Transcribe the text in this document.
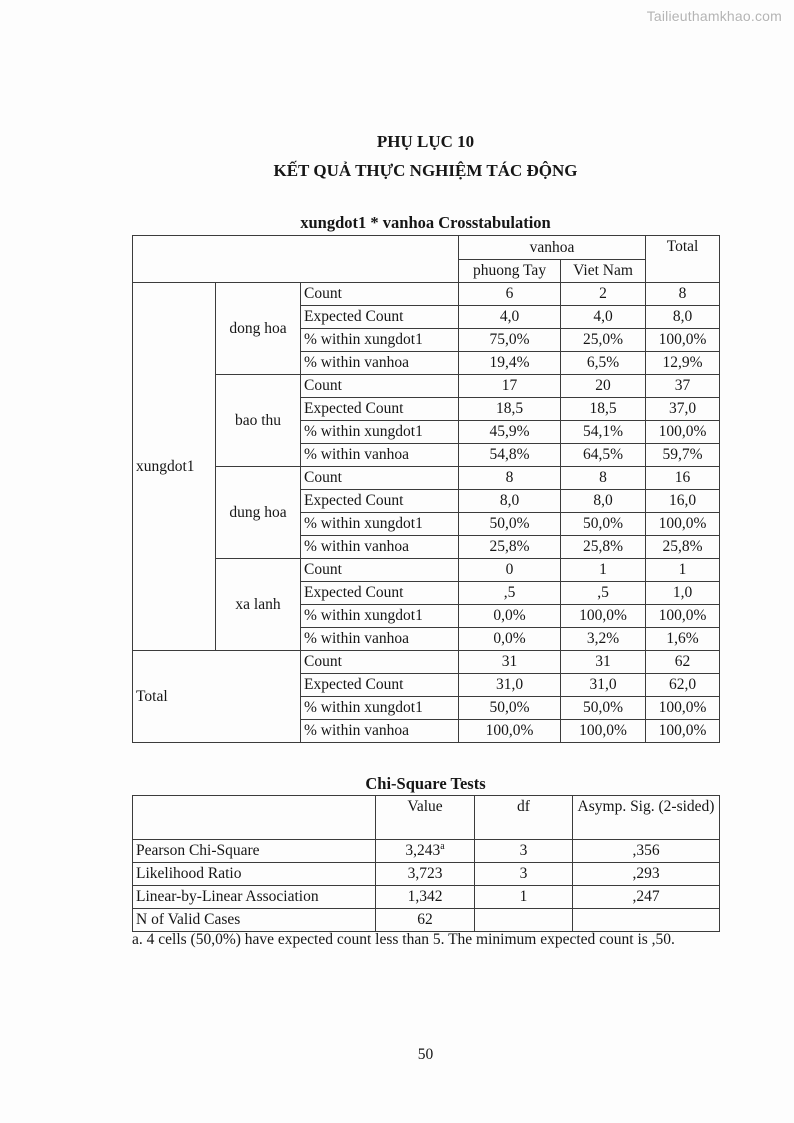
Tailieuthamkhao.com
PHỤ LỤC 10
KẾT QUẢ THỰC NGHIỆM TÁC ĐỘNG
xungdot1 * vanhoa Crosstabulation
			vanhoa		Total
			phuong Tay	Viet Nam	
xungdot1	dong hoa	Count	6	2	8
		Expected Count	4,0	4,0	8,0
		% within xungdot1	75,0%	25,0%	100,0%
		% within vanhoa	19,4%	6,5%	12,9%
	bao thu	Count	17	20	37
		Expected Count	18,5	18,5	37,0
		% within xungdot1	45,9%	54,1%	100,0%
		% within vanhoa	54,8%	64,5%	59,7%
	dung hoa	Count	8	8	16
		Expected Count	8,0	8,0	16,0
		% within xungdot1	50,0%	50,0%	100,0%
		% within vanhoa	25,8%	25,8%	25,8%
	xa lanh	Count	0	1	1
		Expected Count	,5	,5	1,0
		% within xungdot1	0,0%	100,0%	100,0%
		% within vanhoa	0,0%	3,2%	1,6%
Total		Count	31	31	62
		Expected Count	31,0	31,0	62,0
		% within xungdot1	50,0%	50,0%	100,0%
		% within vanhoa	100,0%	100,0%	100,0%
Chi-Square Tests
	Value	df	Asymp. Sig. (2-sided)
Pearson Chi-Square	3,243$^a$	3	,356
Likelihood Ratio	3,723	3	,293
Linear-by-Linear Association	1,342	1	,247
N of Valid Cases	62		
a. 4 cells (50,0%) have expected count less than 5. The minimum expected count is ,50.
50
